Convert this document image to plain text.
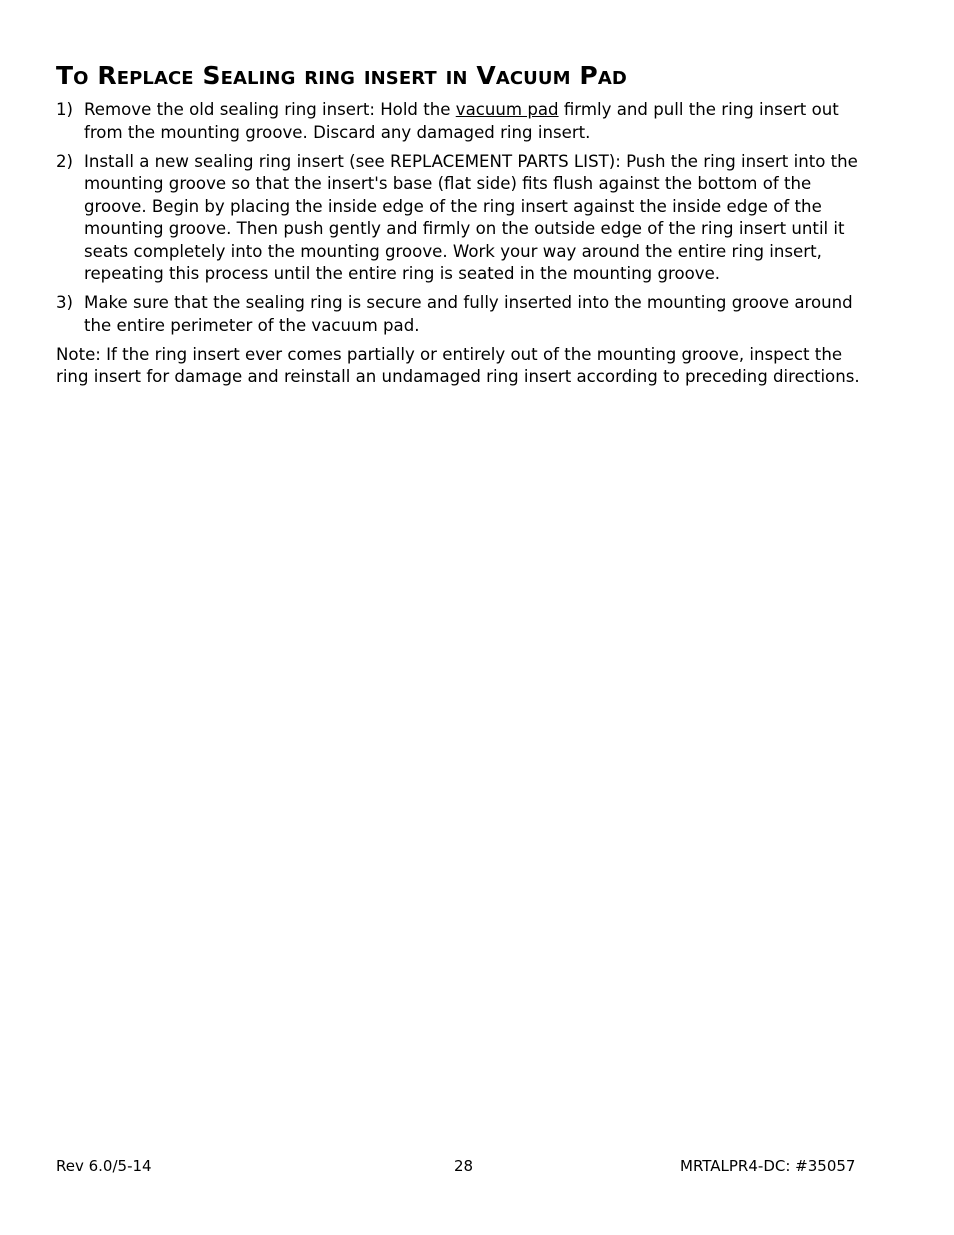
To Replace Sealing ring insert in Vacuum Pad
1) Remove the old sealing ring insert: Hold the vacuum pad firmly and pull the ring insert out from the mounting groove. Discard any damaged ring insert.
2) Install a new sealing ring insert (see REPLACEMENT PARTS LIST): Push the ring insert into the mounting groove so that the insert's base (flat side) fits flush against the bottom of the groove. Begin by placing the inside edge of the ring insert against the inside edge of the mounting groove. Then push gently and firmly on the outside edge of the ring insert until it seats completely into the mounting groove. Work your way around the entire ring insert, repeating this process until the entire ring is seated in the mounting groove.
3) Make sure that the sealing ring is secure and fully inserted into the mounting groove around the entire perimeter of the vacuum pad.

Note: If the ring insert ever comes partially or entirely out of the mounting groove, inspect the ring insert for damage and reinstall an undamaged ring insert according to preceding directions.

Rev 6.0/5-14	28	MRTALPR4-DC: #35057
